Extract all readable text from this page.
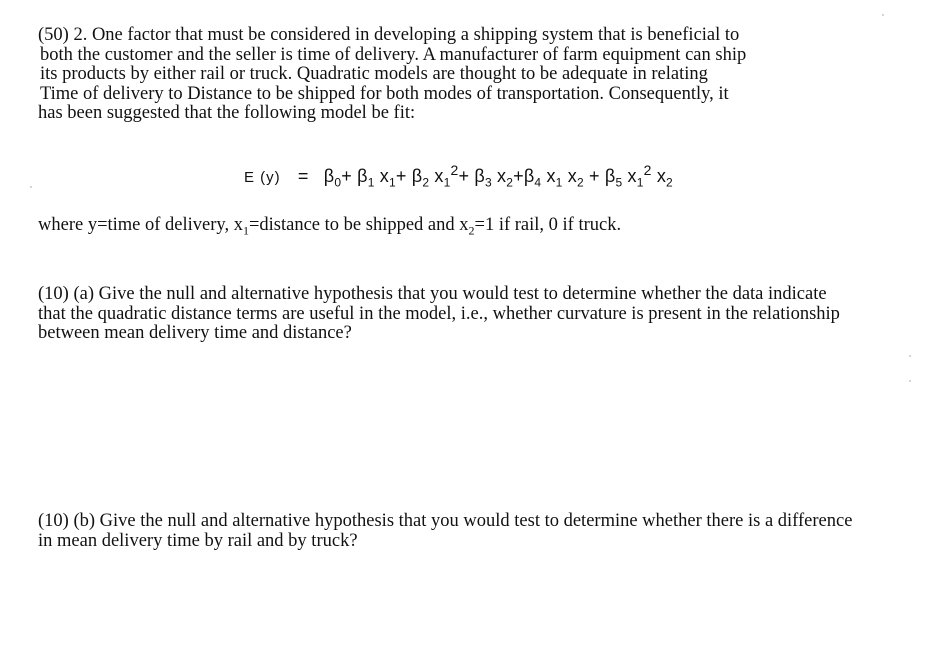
(50) 2. One factor that must be considered in developing a shipping system that is beneficial to
both the customer and the seller is time of delivery. A manufacturer of farm equipment can ship
its products by either rail or truck. Quadratic models are thought to be adequate in relating
Time of delivery to Distance to be shipped for both modes of transportation. Consequently, it
has been suggested that the following model be fit:
E $(y) = \beta_0+ \beta_1$ $x_1+ \beta_2$ $x_1^2+ \beta_3$ $x_2+\beta_4$ $x_1$ $x_2 + \beta_5$ $x_1^2$ $x_2$
where y=time of delivery, $x_1=distance$ to be shipped and $x_2=1$ if rail, 0 if truck.
(10) (a) Give the null and alternative hypothesis that you would test to determine whether the data indicate
that the quadratic distance terms are useful in the model, i.e., whether curvature is present in the relationship
between mean delivery time and distance?
(10) (b) Give the null and alternative hypothesis that you would test to determine whether there is a difference
in mean delivery time by rail and by truck?
